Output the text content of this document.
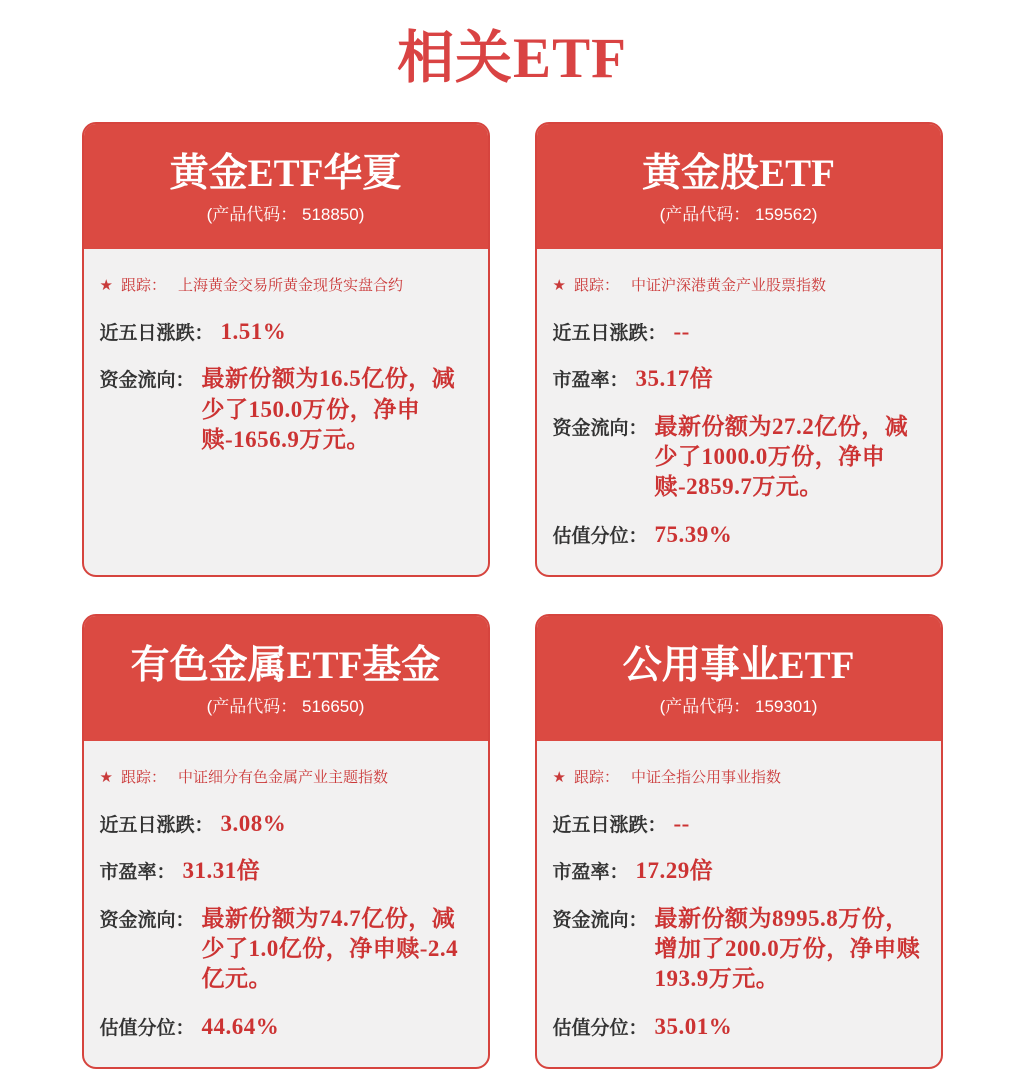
相关ETF
黄金ETF华夏
(产品代码： 518850)
★ 跟踪： 上海黄金交易所黄金现货实盘合约
近五日涨跌： 1.51%
资金流向： 最新份额为16.5亿份，减少了150.0万份，净申赎-1656.9万元。
黄金股ETF
(产品代码： 159562)
★ 跟踪： 中证沪深港黄金产业股票指数
近五日涨跌： --
市盈率： 35.17倍
资金流向： 最新份额为27.2亿份，减少了1000.0万份，净申赎-2859.7万元。
估值分位： 75.39%
有色金属ETF基金
(产品代码： 516650)
★ 跟踪： 中证细分有色金属产业主题指数
近五日涨跌： 3.08%
市盈率： 31.31倍
资金流向： 最新份额为74.7亿份，减少了1.0亿份，净申赎-2.4亿元。
估值分位： 44.64%
公用事业ETF
(产品代码： 159301)
★ 跟踪： 中证全指公用事业指数
近五日涨跌： --
市盈率： 17.29倍
资金流向： 最新份额为8995.8万份，增加了200.0万份，净申赎193.9万元。
估值分位： 35.01%
